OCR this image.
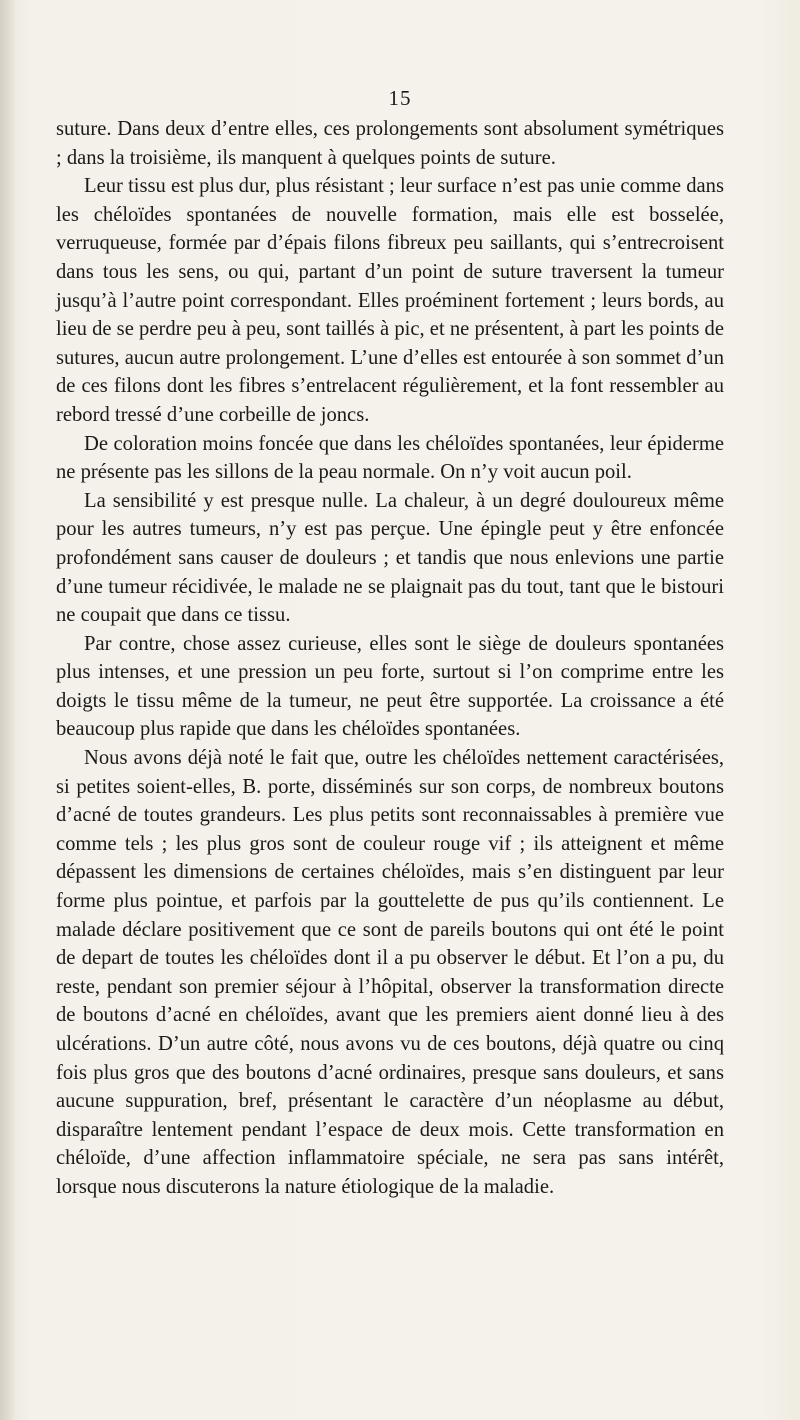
15

suture. Dans deux d’entre elles, ces prolongements sont absolument symétriques ; dans la troisième, ils manquent à quelques points de suture.

Leur tissu est plus dur, plus résistant ; leur surface n’est pas unie comme dans les chéloïdes spontanées de nouvelle formation, mais elle est bosselée, verruqueuse, formée par d’épais filons fibreux peu saillants, qui s’entrecroisent dans tous les sens, ou qui, partant d’un point de suture traversent la tumeur jusqu’à l’autre point correspondant. Elles proéminent fortement ; leurs bords, au lieu de se perdre peu à peu, sont taillés à pic, et ne présentent, à part les points de sutures, aucun autre prolongement. L’une d’elles est entourée à son sommet d’un de ces filons dont les fibres s’entrelacent régulièrement, et la font ressembler au rebord tressé d’une corbeille de joncs.

De coloration moins foncée que dans les chéloïdes spontanées, leur épiderme ne présente pas les sillons de la peau normale. On n’y voit aucun poil.

La sensibilité y est presque nulle. La chaleur, à un degré douloureux même pour les autres tumeurs, n’y est pas perçue. Une épingle peut y être enfoncée profondément sans causer de douleurs ; et tandis que nous enlevions une partie d’une tumeur récidivée, le malade ne se plaignait pas du tout, tant que le bistouri ne coupait que dans ce tissu.

Par contre, chose assez curieuse, elles sont le siège de douleurs spontanées plus intenses, et une pression un peu forte, surtout si l’on comprime entre les doigts le tissu même de la tumeur, ne peut être supportée. La croissance a été beaucoup plus rapide que dans les chéloïdes spontanées.

Nous avons déjà noté le fait que, outre les chéloïdes nettement caractérisées, si petites soient-elles, B. porte, disséminés sur son corps, de nombreux boutons d’acné de toutes grandeurs. Les plus petits sont reconnaissables à première vue comme tels ; les plus gros sont de couleur rouge vif ; ils atteignent et même dépassent les dimensions de certaines chéloïdes, mais s’en distinguent par leur forme plus pointue, et parfois par la gouttelette de pus qu’ils contiennent. Le malade déclare positivement que ce sont de pareils boutons qui ont été le point de depart de toutes les chéloïdes dont il a pu observer le début. Et l’on a pu, du reste, pendant son premier séjour à l’hôpital, observer la transformation directe de boutons d’acné en chéloïdes, avant que les premiers aient donné lieu à des ulcérations. D’un autre côté, nous avons vu de ces boutons, déjà quatre ou cinq fois plus gros que des boutons d’acné ordinaires, presque sans douleurs, et sans aucune suppuration, bref, présentant le caractère d’un néoplasme au début, disparaître lentement pendant l’espace de deux mois. Cette transformation en chéloïde, d’une affection inflammatoire spéciale, ne sera pas sans intérêt, lorsque nous discuterons la nature étiologique de la maladie.
